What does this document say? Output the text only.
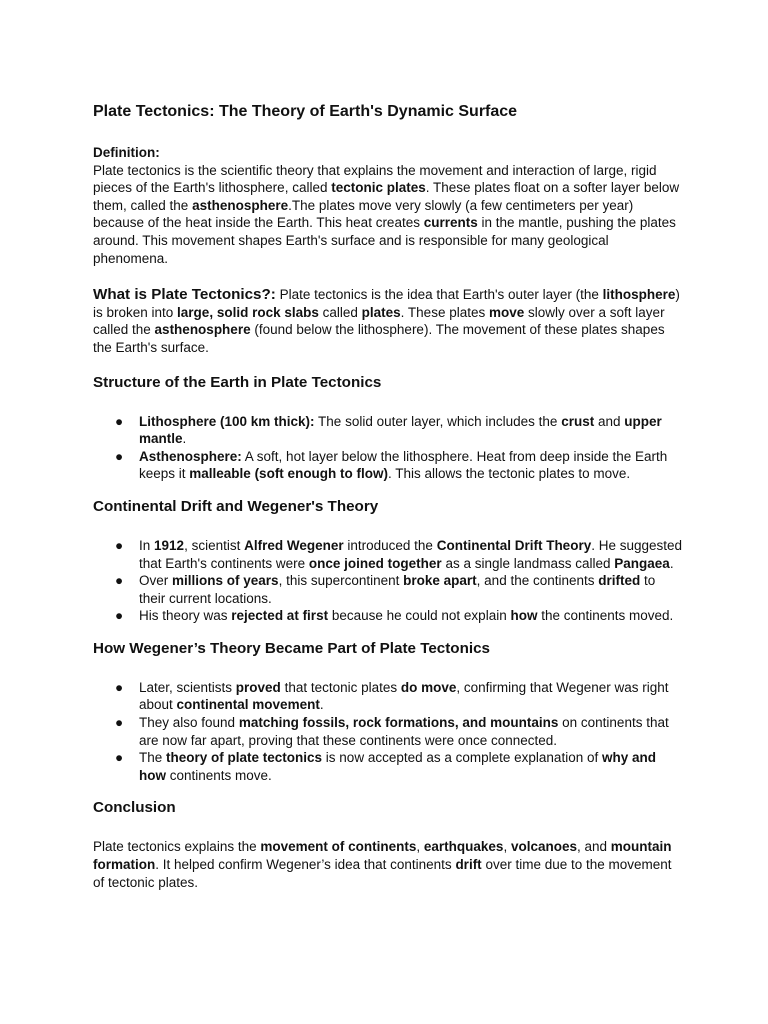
Plate Tectonics: The Theory of Earth's Dynamic Surface
Definition:

Plate tectonics is the scientific theory that explains the movement and interaction of large, rigid pieces of the Earth's lithosphere, called tectonic plates. These plates float on a softer layer below them, called the asthenosphere.The plates move very slowly (a few centimeters per year) because of the heat inside the Earth. This heat creates currents in the mantle, pushing the plates around. This movement shapes Earth's surface and is responsible for many geological phenomena.

What is Plate Tectonics?: Plate tectonics is the idea that Earth's outer layer (the lithosphere) is broken into large, solid rock slabs called plates. These plates move slowly over a soft layer called the asthenosphere (found below the lithosphere). The movement of these plates shapes the Earth's surface.

Structure of the Earth in Plate Tectonics
● Lithosphere (100 km thick): The solid outer layer, which includes the crust and upper mantle.
● Asthenosphere: A soft, hot layer below the lithosphere. Heat from deep inside the Earth keeps it malleable (soft enough to flow). This allows the tectonic plates to move.
Continental Drift and Wegener's Theory
● In 1912, scientist Alfred Wegener introduced the Continental Drift Theory. He suggested that Earth's continents were once joined together as a single landmass called Pangaea.
● Over millions of years, this supercontinent broke apart, and the continents drifted to their current locations.
● His theory was rejected at first because he could not explain how the continents moved.
How Wegener’s Theory Became Part of Plate Tectonics
● Later, scientists proved that tectonic plates do move, confirming that Wegener was right about continental movement.
● They also found matching fossils, rock formations, and mountains on continents that are now far apart, proving that these continents were once connected.
● The theory of plate tectonics is now accepted as a complete explanation of why and how continents move.
Conclusion

Plate tectonics explains the movement of continents, earthquakes, volcanoes, and mountain formation. It helped confirm Wegener’s idea that continents drift over time due to the movement of tectonic plates.
